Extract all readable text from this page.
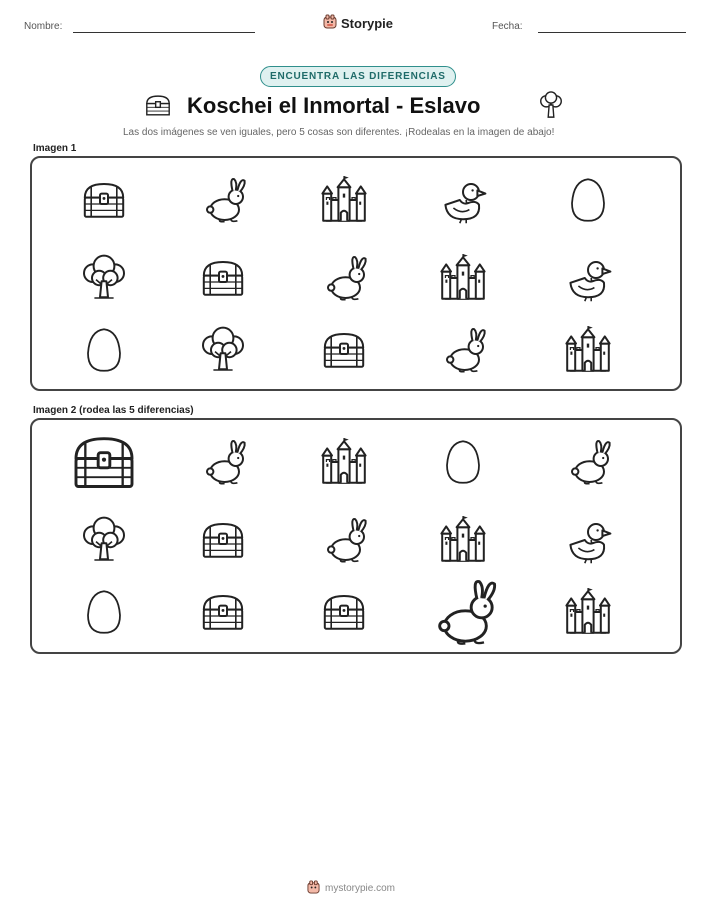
Nombre:	Storypie	Fecha:
ENCUENTRA LAS DIFERENCIAS
Koschei el Inmortal - Eslavo
Las dos imágenes se ven iguales, pero 5 cosas son diferentes. ¡Rodealas en la imagen de abajo!
Imagen 1
Imagen 2 (rodea las 5 diferencias)
mystorypie.com
